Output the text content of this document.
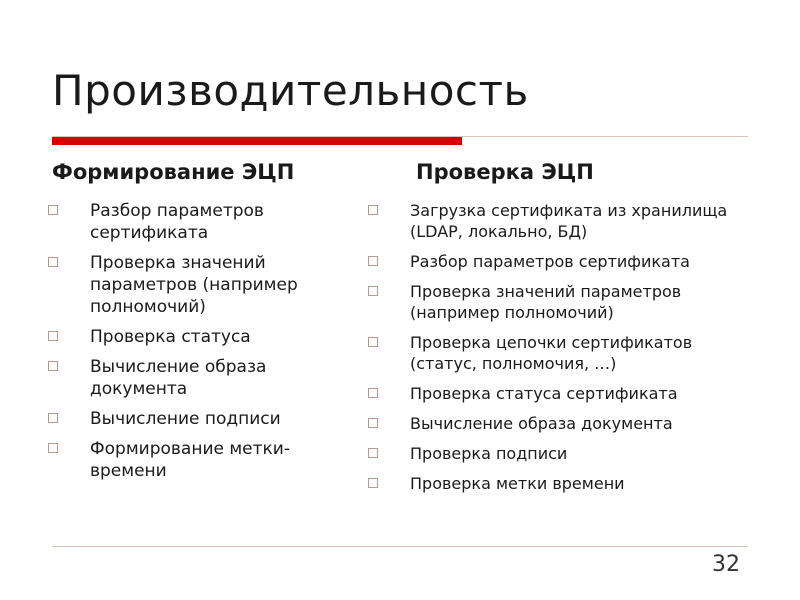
Производительность
Формирование ЭЦП
Разбор параметров сертификата
Проверка значений параметров (например полномочий)
Проверка статуса
Вычисление образа документа
Вычисление подписи
Формирование метки-времени
Проверка ЭЦП
Загрузка сертификата из хранилища (LDAP, локально, БД)
Разбор параметров сертификата
Проверка значений параметров (например полномочий)
Проверка цепочки сертификатов (статус, полномочия, …)
Проверка статуса сертификата
Вычисление образа документа
Проверка подписи
Проверка метки времени
32
